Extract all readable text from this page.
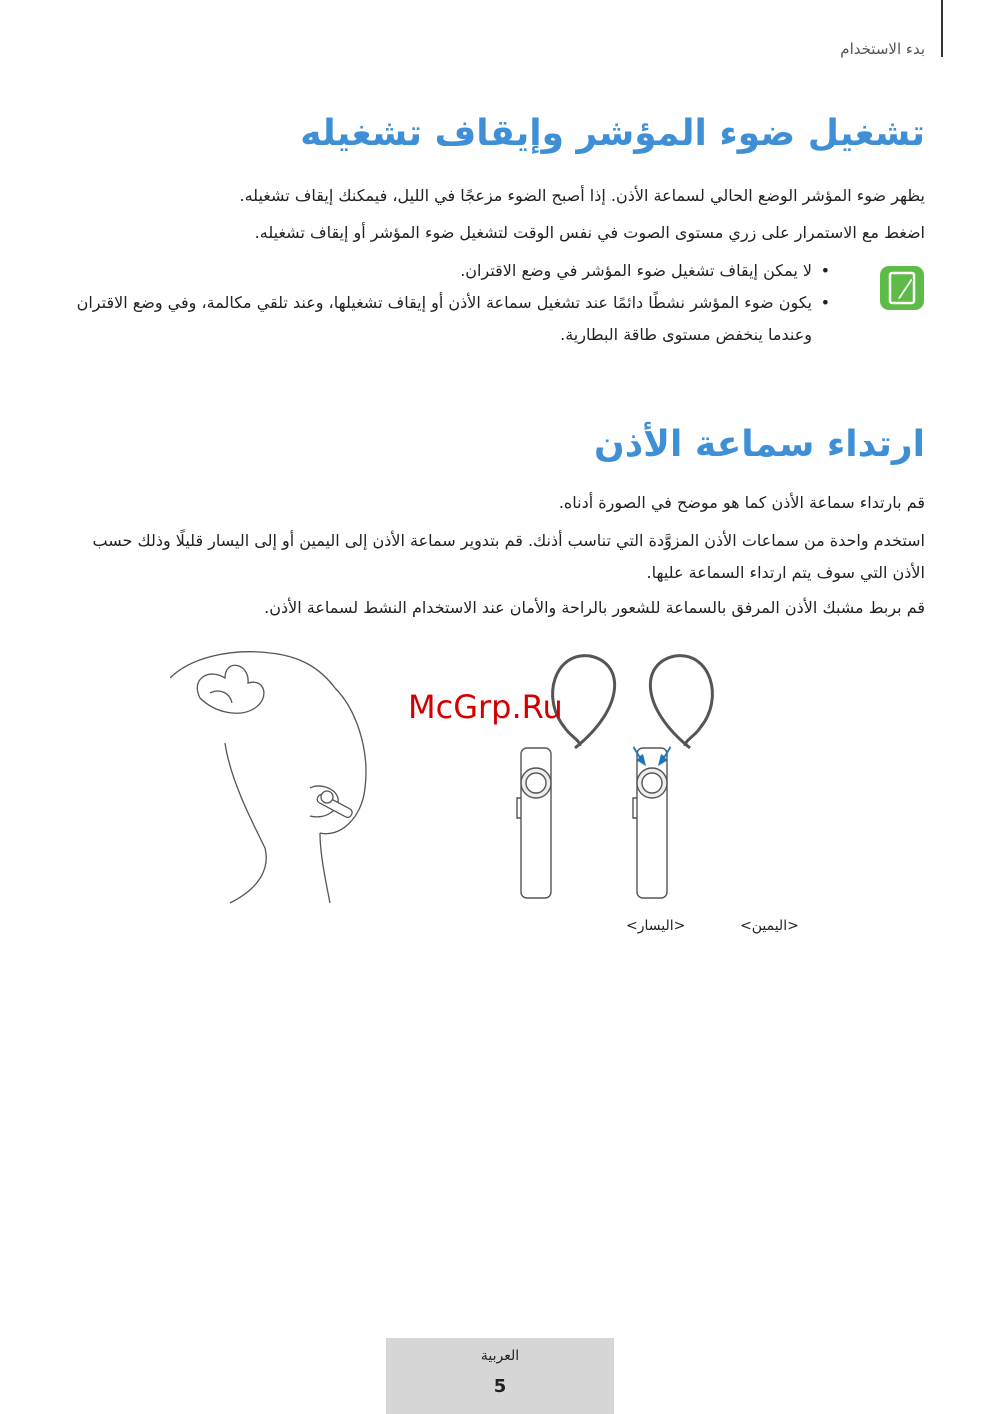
بدء الاستخدام
تشغيل ضوء المؤشر وإيقاف تشغيله
يظهر ضوء المؤشر الوضع الحالي لسماعة الأذن. إذا أصبح الضوء مزعجًا في الليل، فيمكنك إيقاف تشغيله.
اضغط مع الاستمرار على زري مستوى الصوت في نفس الوقت لتشغيل ضوء المؤشر أو إيقاف تشغيله.
•
لا يمكن إيقاف تشغيل ضوء المؤشر في وضع الاقتران.
•
يكون ضوء المؤشر نشطًا دائمًا عند تشغيل سماعة الأذن أو إيقاف تشغيلها، وعند تلقي مكالمة، وفي وضع الاقتران وعندما ينخفض مستوى طاقة البطارية.
ارتداء سماعة الأذن
قم بارتداء سماعة الأذن كما هو موضح في الصورة أدناه.
استخدم واحدة من سماعات الأذن المزوَّدة التي تناسب أذنك. قم بتدوير سماعة الأذن إلى اليمين أو إلى اليسار قليلًا وذلك حسب الأذن التي سوف يتم ارتداء السماعة عليها.
قم بربط مشبك الأذن المرفق بالسماعة للشعور بالراحة والأمان عند الاستخدام النشط لسماعة الأذن.
<اليمين>
<اليسار>
McGrp.Ru
العربية
5
